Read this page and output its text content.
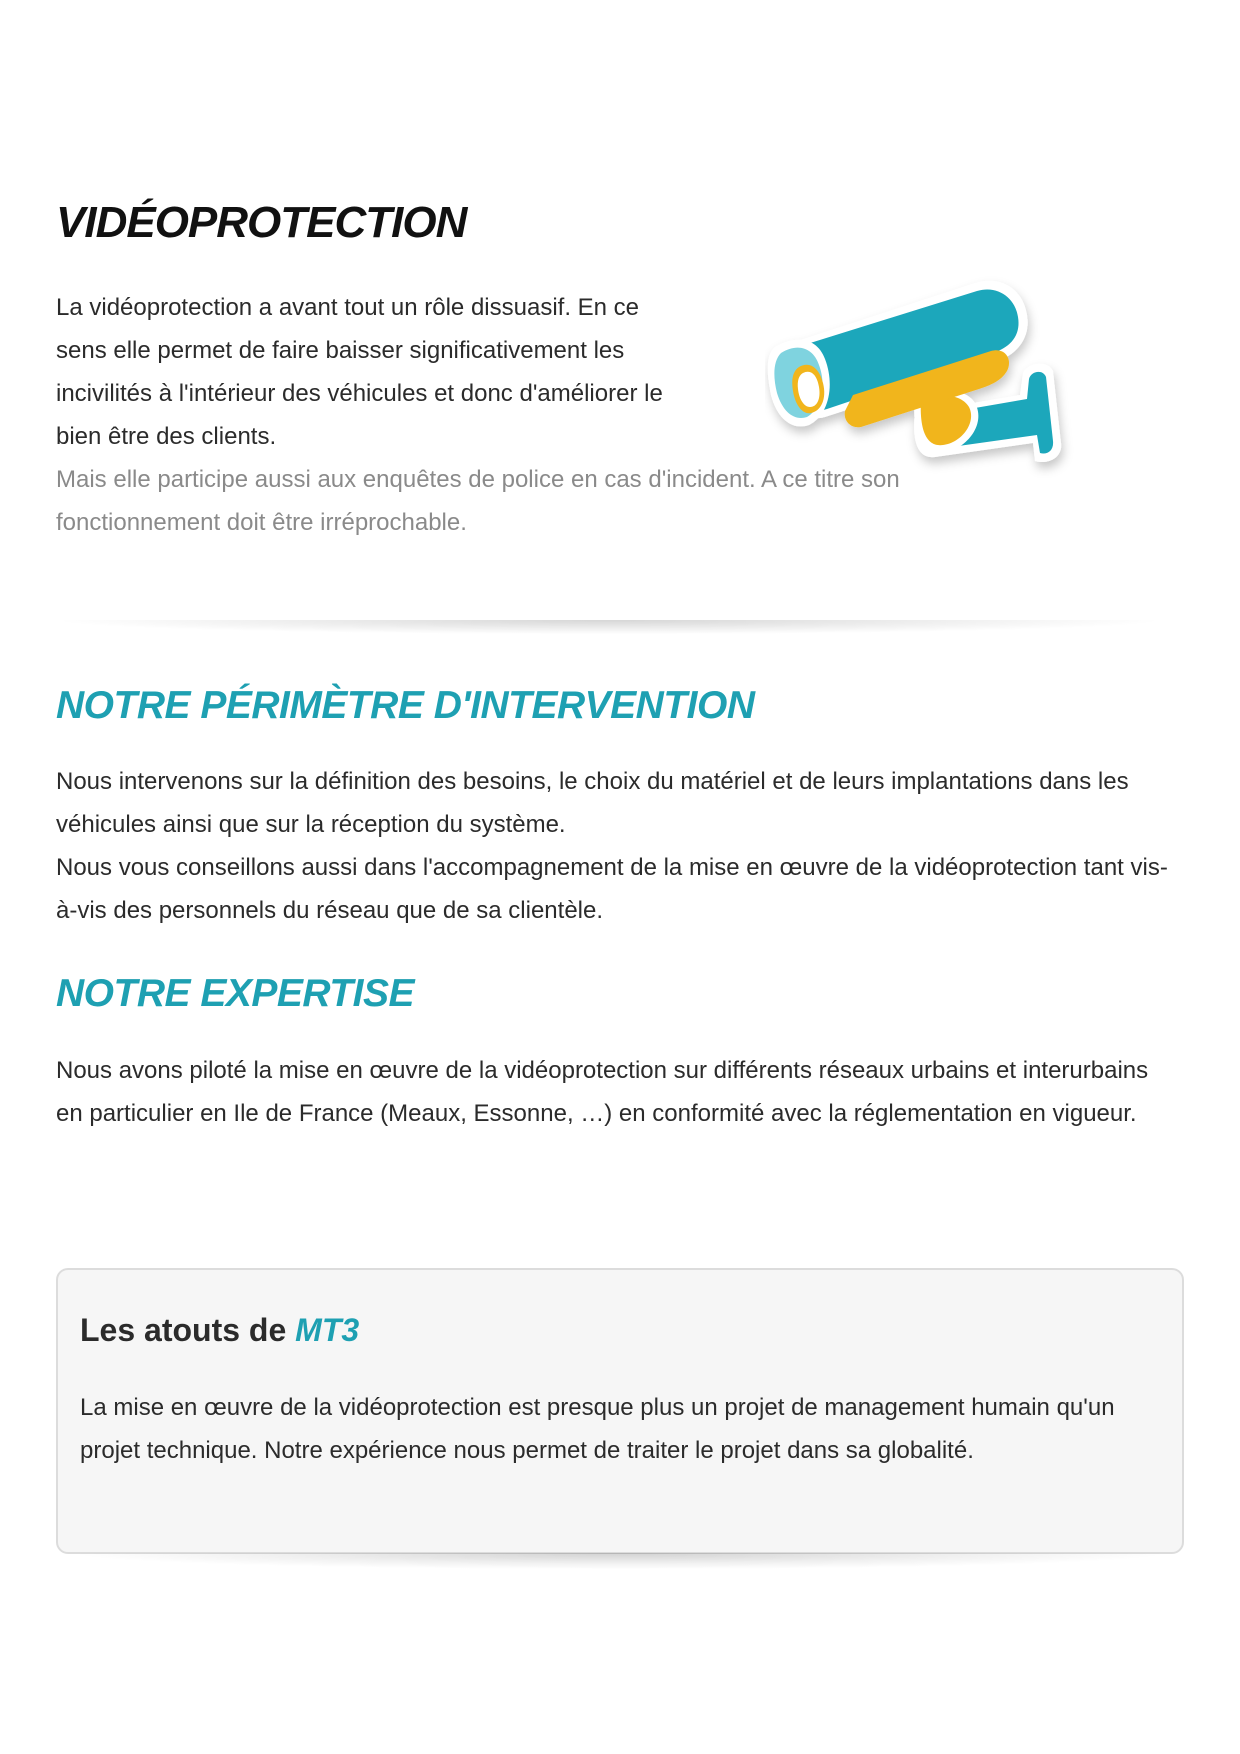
VIDÉOPROTECTION

La vidéoprotection a avant tout un rôle dissuasif. En ce sens elle permet de faire baisser significativement les incivilités à l'intérieur des véhicules et donc d'améliorer le bien être des clients.

Mais elle participe aussi aux enquêtes de police en cas d'incident. A ce titre son fonctionnement doit être irréprochable.

NOTRE PÉRIMÈTRE D'INTERVENTION

Nous intervenons sur la définition des besoins, le choix du matériel et de leurs implantations dans les véhicules ainsi que sur la réception du système.

Nous vous conseillons aussi dans l'accompagnement de la mise en œuvre de la vidéoprotection tant vis-à-vis des personnels du réseau que de sa clientèle.

NOTRE EXPERTISE

Nous avons piloté la mise en œuvre de la vidéoprotection sur différents réseaux urbains et interurbains en particulier en Ile de France (Meaux, Essonne, …) en conformité avec la réglementation en vigueur.

Les atouts de MT3

La mise en œuvre de la vidéoprotection est presque plus un projet de management humain qu'un projet technique. Notre expérience nous permet de traiter le projet dans sa globalité.
